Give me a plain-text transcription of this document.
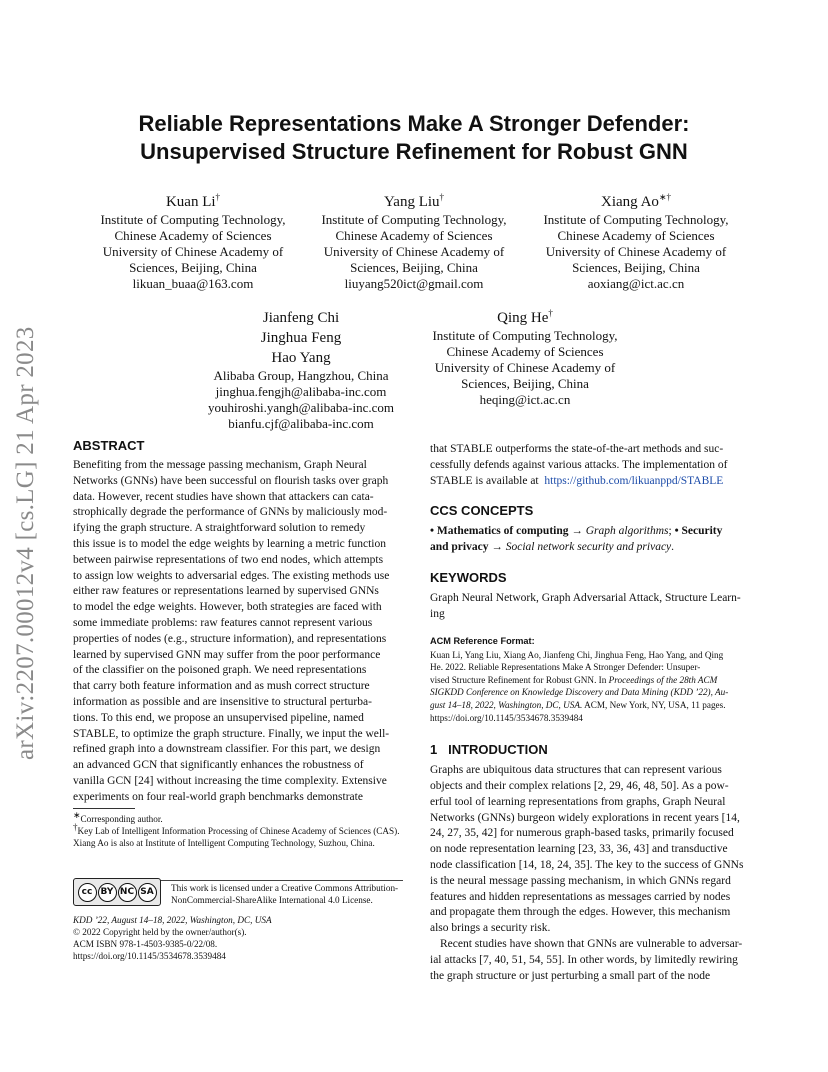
Reliable Representations Make A Stronger Defender:
Unsupervised Structure Refinement for Robust GNN
arXiv:2207.00012v4 [cs.LG] 21 Apr 2023
Kuan Li†
Institute of Computing Technology,
Chinese Academy of Sciences
University of Chinese Academy of
Sciences, Beijing, China
likuan_buaa@163.com
Yang Liu†
Institute of Computing Technology,
Chinese Academy of Sciences
University of Chinese Academy of
Sciences, Beijing, China
liuyang520ict@gmail.com
Xiang Ao∗†
Institute of Computing Technology,
Chinese Academy of Sciences
University of Chinese Academy of
Sciences, Beijing, China
aoxiang@ict.ac.cn
Jianfeng Chi
Jinghua Feng
Hao Yang
Alibaba Group, Hangzhou, China
jinghua.fengjh@alibaba-inc.com
youhiroshi.yangh@alibaba-inc.com
bianfu.cjf@alibaba-inc.com
Qing He†
Institute of Computing Technology,
Chinese Academy of Sciences
University of Chinese Academy of
Sciences, Beijing, China
heqing@ict.ac.cn
ABSTRACT
Benefiting from the message passing mechanism, Graph Neural
Networks (GNNs) have been successful on flourish tasks over graph
data. However, recent studies have shown that attackers can cata-
strophically degrade the performance of GNNs by maliciously mod-
ifying the graph structure. A straightforward solution to remedy
this issue is to model the edge weights by learning a metric function
between pairwise representations of two end nodes, which attempts
to assign low weights to adversarial edges. The existing methods use
either raw features or representations learned by supervised GNNs
to model the edge weights. However, both strategies are faced with
some immediate problems: raw features cannot represent various
properties of nodes (e.g., structure information), and representations
learned by supervised GNN may suffer from the poor performance
of the classifier on the poisoned graph. We need representations
that carry both feature information and as mush correct structure
information as possible and are insensitive to structural perturba-
tions. To this end, we propose an unsupervised pipeline, named
STABLE, to optimize the graph structure. Finally, we input the well-
refined graph into a downstream classifier. For this part, we design
an advanced GCN that significantly enhances the robustness of
vanilla GCN [24] without increasing the time complexity. Extensive
experiments on four real-world graph benchmarks demonstrate
∗Corresponding author.
†Key Lab of Intelligent Information Processing of Chinese Academy of Sciences (CAS).
Xiang Ao is also at Institute of Intelligent Computing Technology, Suzhou, China.
cc BY NC SA	This work is licensed under a Creative Commons Attribution-
NonCommercial-ShareAlike International 4.0 License.
KDD ’22, August 14–18, 2022, Washington, DC, USA
© 2022 Copyright held by the owner/author(s).
ACM ISBN 978-1-4503-9385-0/22/08.
https://doi.org/10.1145/3534678.3539484
that STABLE outperforms the state-of-the-art methods and suc-
cessfully defends against various attacks. The implementation of
STABLE is available at https://github.com/likuanppd/STABLE
CCS CONCEPTS
• Mathematics of computing → Graph algorithms; • Security
and privacy → Social network security and privacy.
KEYWORDS
Graph Neural Network, Graph Adversarial Attack, Structure Learn-
ing
ACM Reference Format:
Kuan Li, Yang Liu, Xiang Ao, Jianfeng Chi, Jinghua Feng, Hao Yang, and Qing
He. 2022. Reliable Representations Make A Stronger Defender: Unsuper-
vised Structure Refinement for Robust GNN. In Proceedings of the 28th ACM
SIGKDD Conference on Knowledge Discovery and Data Mining (KDD ’22), Au-
gust 14–18, 2022, Washington, DC, USA. ACM, New York, NY, USA, 11 pages.
https://doi.org/10.1145/3534678.3539484
1 INTRODUCTION
Graphs are ubiquitous data structures that can represent various
objects and their complex relations [2, 29, 46, 48, 50]. As a pow-
erful tool of learning representations from graphs, Graph Neural
Networks (GNNs) burgeon widely explorations in recent years [14,
24, 27, 35, 42] for numerous graph-based tasks, primarily focused
on node representation learning [23, 33, 36, 43] and transductive
node classification [14, 18, 24, 35]. The key to the success of GNNs
is the neural message passing mechanism, in which GNNs regard
features and hidden representations as messages carried by nodes
and propagate them through the edges. However, this mechanism
also brings a security risk.
Recent studies have shown that GNNs are vulnerable to adversar-
ial attacks [7, 40, 51, 54, 55]. In other words, by limitedly rewiring
the graph structure or just perturbing a small part of the node
